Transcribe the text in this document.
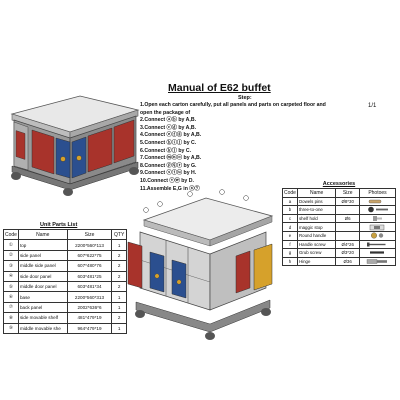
Manual of E62 buffet
Step:
1/1
1.Open each carton carefully, put all panels and parts on carpeted floor and
open the package of
2.Connect ⓐⓑ by A,B.
3.Connect ⓒⓓ by A,B.
4.Connect ⓔⓕⓖ by A,B.
5.Connect ⓗⓘⓙ by C.
6.Connect ⓚⓛ by C.
7.Connect ⓜⓝⓞ by A,B.
8.Connect ⓟⓠⓡ by G.
9.Connect ⓢⓣⓤ by H.
10.Connect ⓥⓦ by D.
11.Assemble E,G in ⓧⓨ
Accessories
Code	Name	Size	Photoes
a	Dowels pins	Ø8*30	

b	three-to-one		

c	shelf hold	Ø6	

d	maggic stop		

e	Round handle		

f	Handle screw	Ø4*26	

g	Grub screw	Ø3*20	

h	Hinge	Ø36	
Unit Parts List
Code	Name	Size	QTY
①	top	2200*560*113	1
②	side panel	607*622*75	2
③	middle side panel	607*480*76	2
④	side door panel	603*481*25	2
⑤	middle door panel	603*481*34	2
⑥	base	2200*560*313	1
⑦	back panel	2002*636*6	1
⑧	side movable shelf	481*479*19	2
⑨	middle movable she	964*479*19	1
